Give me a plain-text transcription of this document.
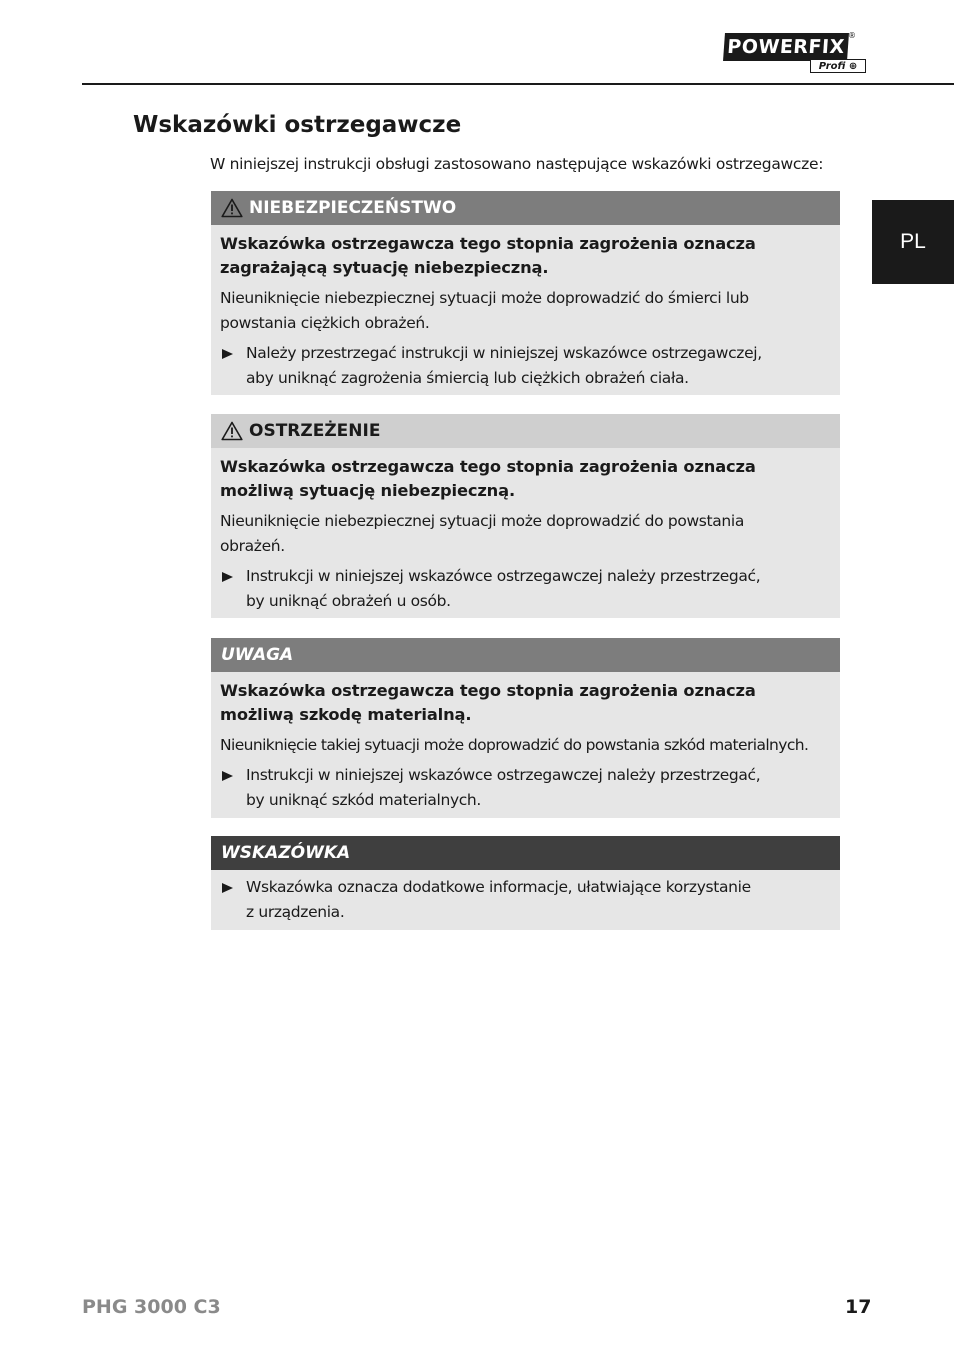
POWERFIX
®
Profi ⊕
PL
Wskazówki ostrzegawcze
W niniejszej instrukcji obsługi zastosowano następujące wskazówki ostrzegawcze:
NIEBEZPIECZEŃSTWO
Wskazówka ostrzegawcza tego stopnia zagrożenia oznacza
zagrażającą sytuację niebezpieczną.
Nieuniknięcie niebezpiecznej sytuacji może doprowadzić do śmierci lub
powstania ciężkich obrażeń.
Należy przestrzegać instrukcji w niniejszej wskazówce ostrzegawczej,
aby uniknąć zagrożenia śmiercią lub ciężkich obrażeń ciała.
OSTRZEŻENIE
Wskazówka ostrzegawcza tego stopnia zagrożenia oznacza
możliwą sytuację niebezpieczną.
Nieuniknięcie niebezpiecznej sytuacji może doprowadzić do powstania
obrażeń.
Instrukcji w niniejszej wskazówce ostrzegawczej należy przestrzegać,
by uniknąć obrażeń u osób.
UWAGA
Wskazówka ostrzegawcza tego stopnia zagrożenia oznacza
możliwą szkodę materialną.
Nieuniknięcie takiej sytuacji może doprowadzić do powstania szkód materialnych.
Instrukcji w niniejszej wskazówce ostrzegawczej należy przestrzegać,
by uniknąć szkód materialnych.
WSKAZÓWKA
Wskazówka oznacza dodatkowe informacje, ułatwiające korzystanie
z urządzenia.
PHG 3000 C3	17
